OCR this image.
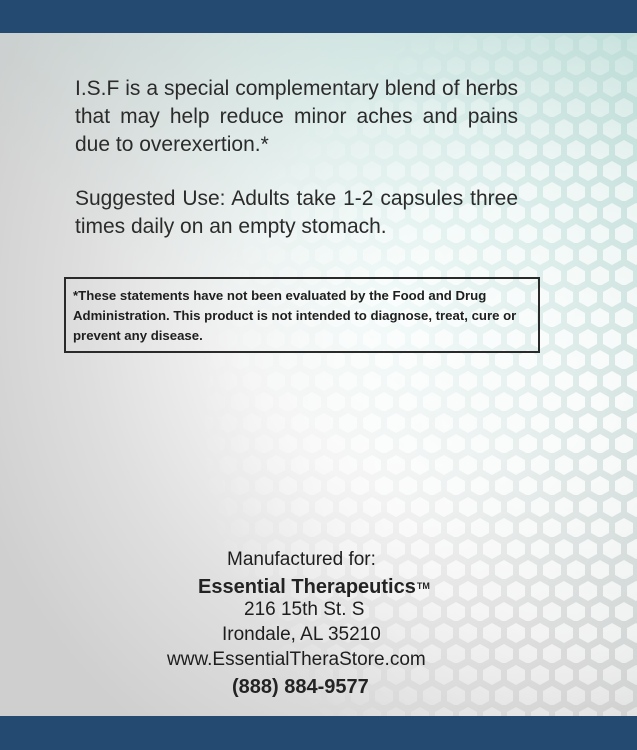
I.S.F is a special complementary blend of herbs that may help reduce minor aches and pains due to overexertion.*

Suggested Use: Adults take 1-2 capsules three times daily on an empty stomach.

*These statements have not been evaluated by the Food and Drug Administration. This product is not intended to diagnose, treat, cure or prevent any disease.

Manufactured for:
Essential Therapeutics™
216 15th St. S
Irondale, AL 35210
www.EssentialTheraStore.com
(888) 884-9577
